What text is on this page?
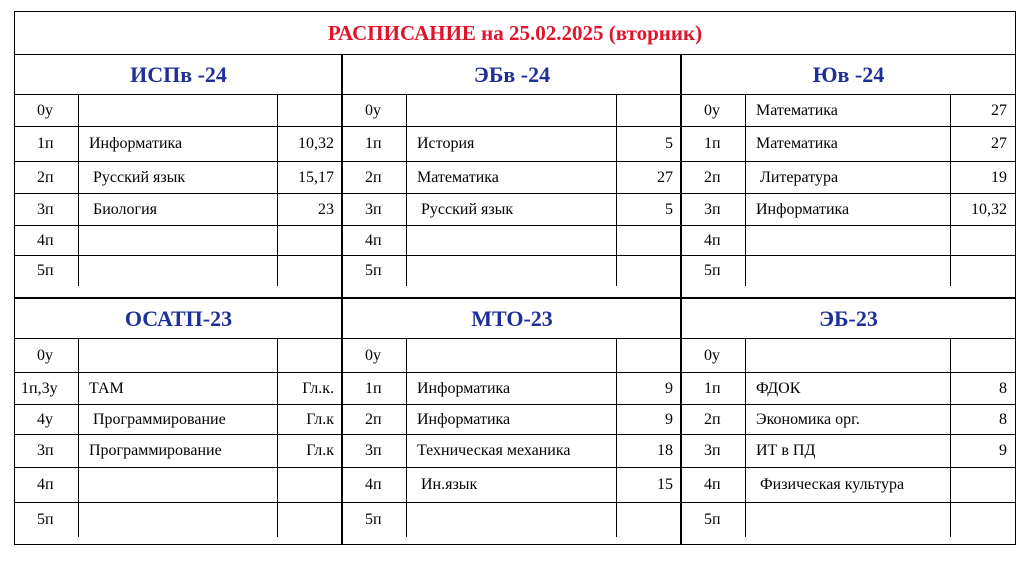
РАСПИСАНИЕ на 25.02.2025 (вторник)
ИСПв -24
0у
1п	Информатика	10,32
2п	Русский язык	15,17
3п	Биология	23
4п
5п
ЭБв -24
0у
1п	История	5
2п	Математика	27
3п	Русский язык	5
4п
5п
Юв -24
0у	Математика	27
1п	Математика	27
2п	Литература	19
3п	Информатика	10,32
4п
5п
ОСАТП-23
0у
1п,3у	ТАМ	Гл.к.
4у	Программирование	Гл.к
3п	Программирование	Гл.к
4п
5п
МТО-23
0у
1п	Информатика	9
2п	Информатика	9
3п	Техническая механика	18
4п	Ин.язык	15
5п
ЭБ-23
0у
1п	ФДОК	8
2п	Экономика орг.	8
3п	ИТ в ПД	9
4п	Физическая культура
5п
